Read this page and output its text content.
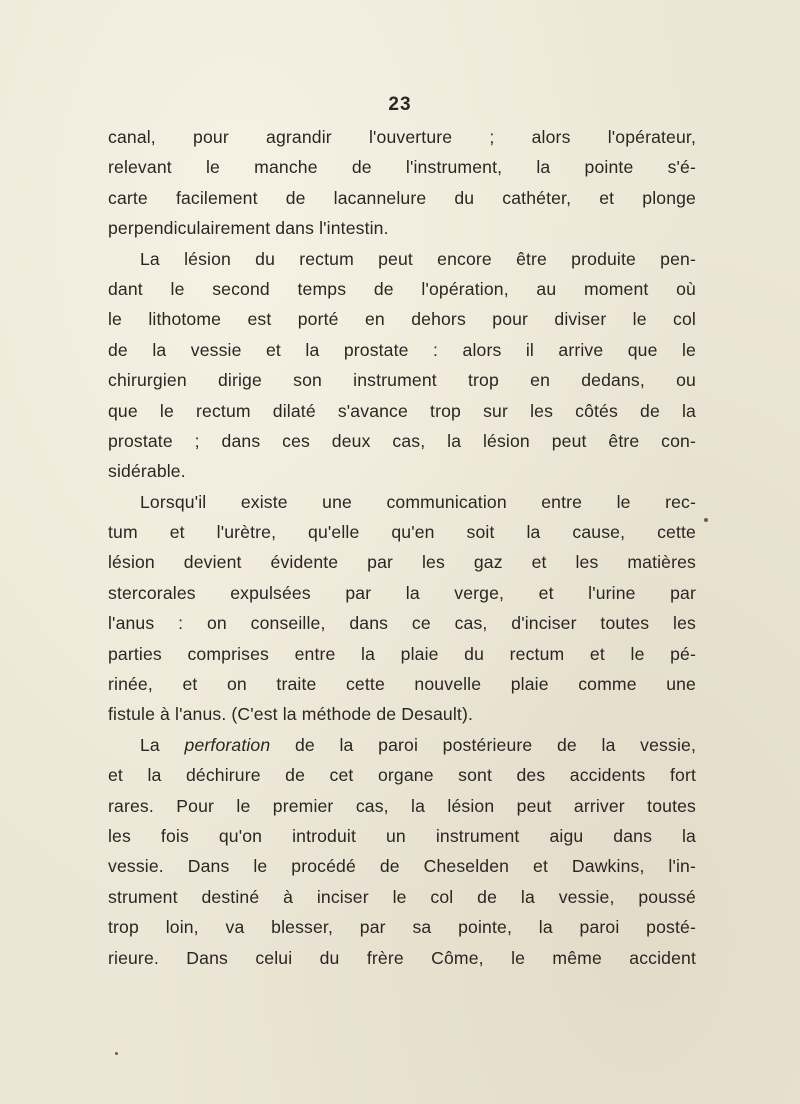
23
canal, pour agrandir l'ouverture ; alors l'opérateur,
relevant le manche de l'instrument, la pointe s'é-
carte facilement de lacannelure du cathéter, et plonge
perpendiculairement dans l'intestin.
La lésion du rectum peut encore être produite pen-
dant le second temps de l'opération, au moment où
le lithotome est porté en dehors pour diviser le col
de la vessie et la prostate : alors il arrive que le
chirurgien dirige son instrument trop en dedans, ou
que le rectum dilaté s'avance trop sur les côtés de la
prostate ; dans ces deux cas, la lésion peut être con-
sidérable.
Lorsqu'il existe une communication entre le rec-
tum et l'urètre, qu'elle qu'en soit la cause, cette
lésion devient évidente par les gaz et les matières
stercorales expulsées par la verge, et l'urine par
l'anus : on conseille, dans ce cas, d'inciser toutes les
parties comprises entre la plaie du rectum et le pé-
rinée, et on traite cette nouvelle plaie comme une
fistule à l'anus. (C'est la méthode de Desault).
La perforation de la paroi postérieure de la vessie,
et la déchirure de cet organe sont des accidents fort
rares. Pour le premier cas, la lésion peut arriver toutes
les fois qu'on introduit un instrument aigu dans la
vessie. Dans le procédé de Cheselden et Dawkins, l'in-
strument destiné à inciser le col de la vessie, poussé
trop loin, va blesser, par sa pointe, la paroi posté-
rieure. Dans celui du frère Côme, le même accident
